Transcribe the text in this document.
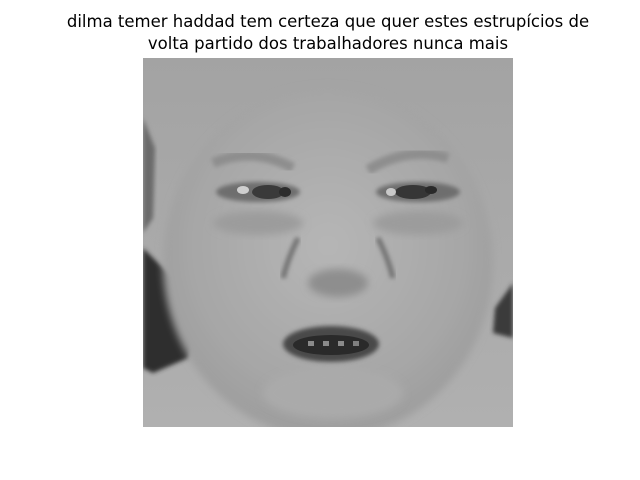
dilma temer haddad tem certeza que quer estes estrupícios de
volta partido dos trabalhadores nunca mais
